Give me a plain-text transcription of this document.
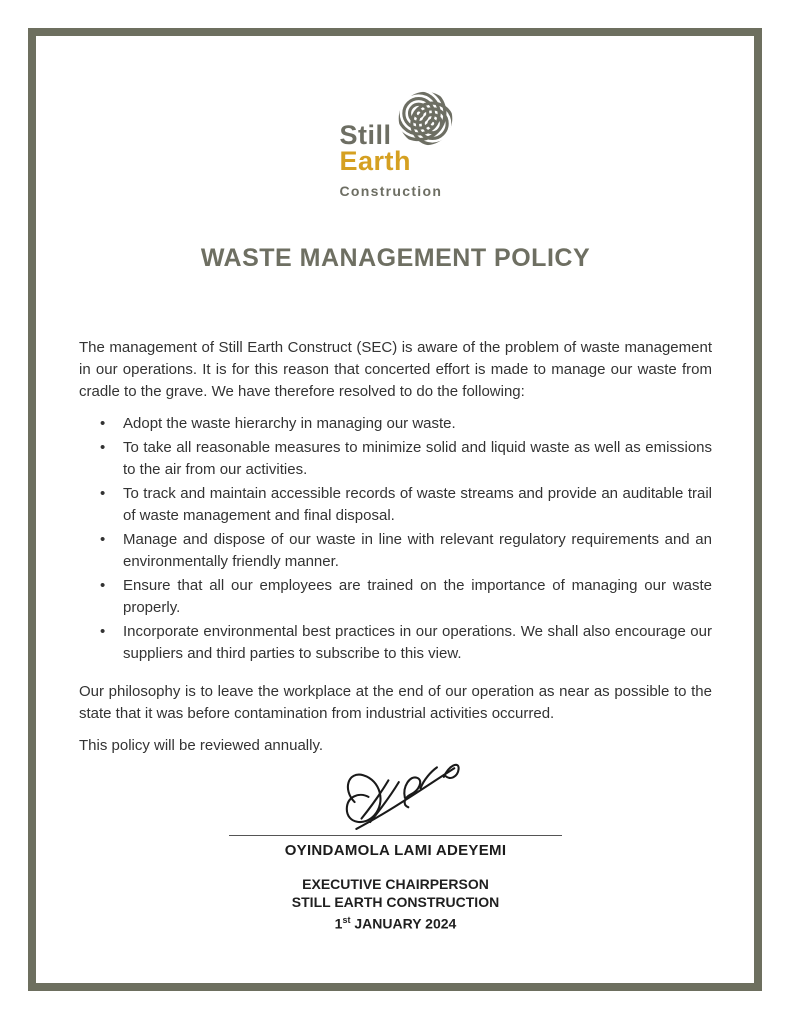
Still
Earth
Construction
WASTE MANAGEMENT POLICY

The management of Still Earth Construct (SEC) is aware of the problem of waste management in our operations. It is for this reason that concerted effort is made to manage our waste from cradle to the grave. We have therefore resolved to do the following:

• Adopt the waste hierarchy in managing our waste.
• To take all reasonable measures to minimize solid and liquid waste as well as emissions to the air from our activities.
• To track and maintain accessible records of waste streams and provide an auditable trail of waste management and final disposal.
• Manage and dispose of our waste in line with relevant regulatory requirements and an environmentally friendly manner.
• Ensure that all our employees are trained on the importance of managing our waste properly.
• Incorporate environmental best practices in our operations. We shall also encourage our suppliers and third parties to subscribe to this view.

Our philosophy is to leave the workplace at the end of our operation as near as possible to the state that it was before contamination from industrial activities occurred.

This policy will be reviewed annually.

OYINDAMOLA LAMI ADEYEMI
EXECUTIVE CHAIRPERSON
STILL EARTH CONSTRUCTION
1st JANUARY 2024
